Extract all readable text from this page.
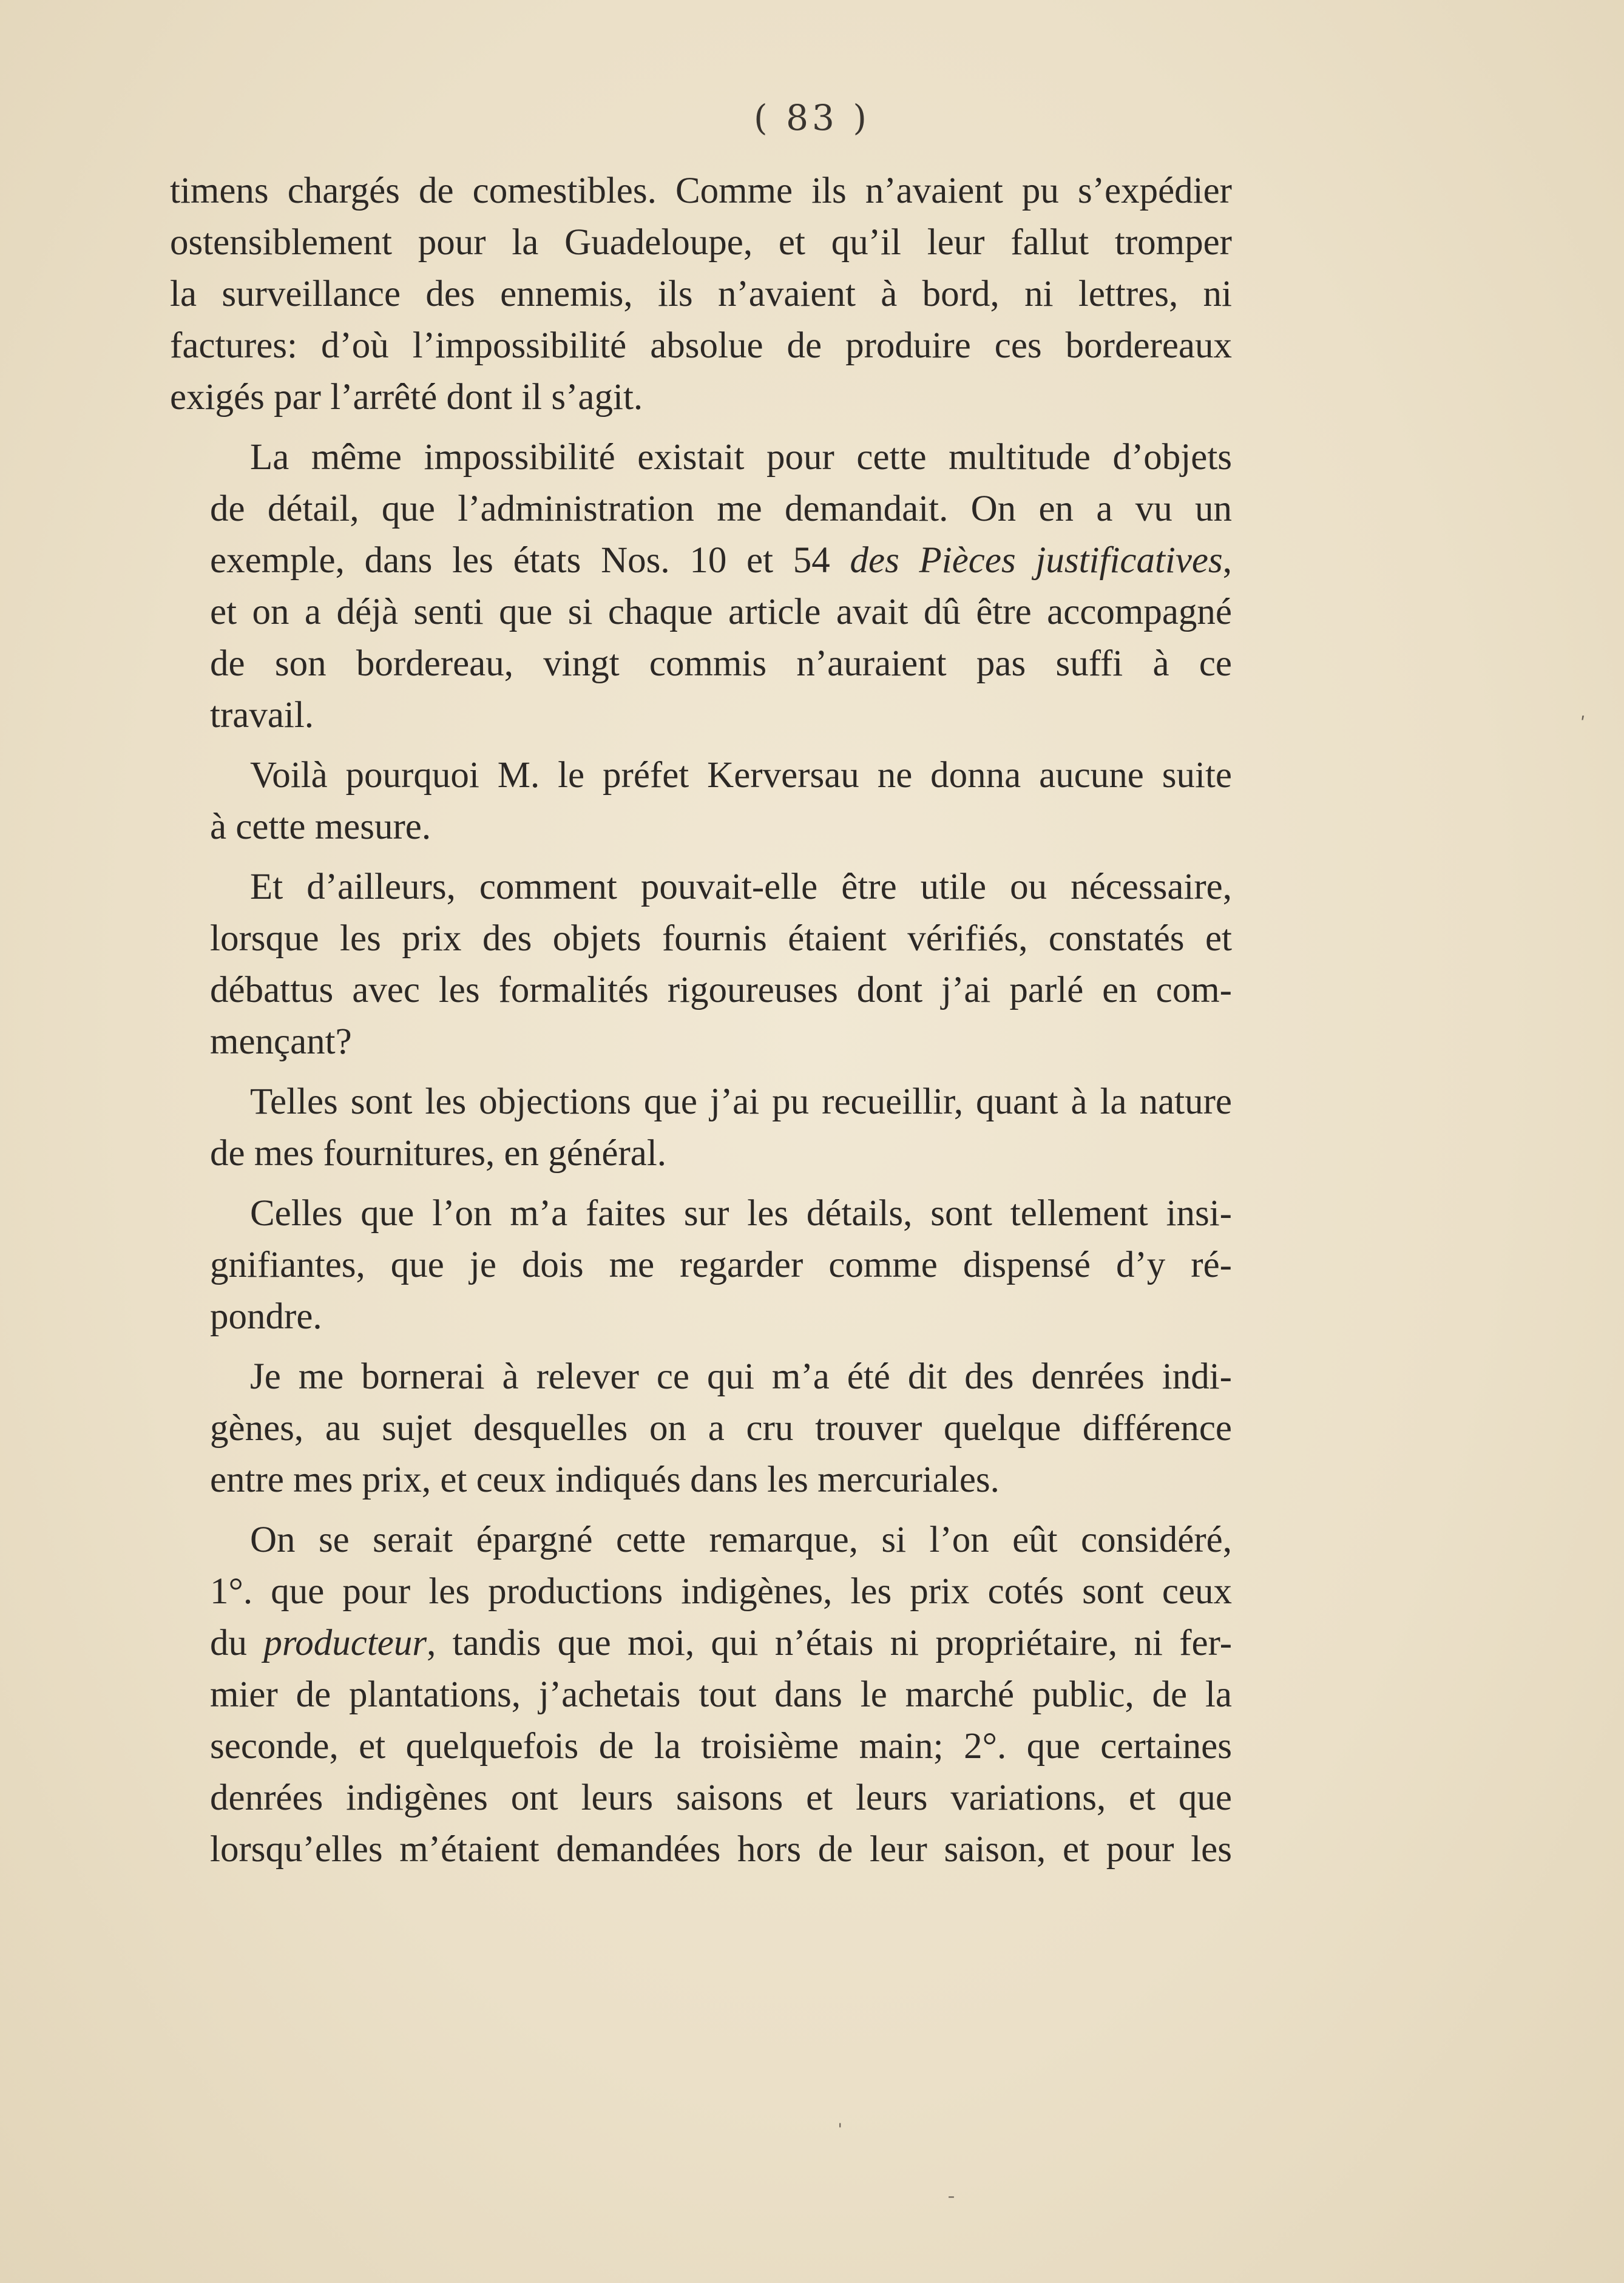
( 83 )

timens chargés de comestibles. Comme ils n’avaient pu s’expédier
ostensiblement pour la Guadeloupe, et qu’il leur fallut tromper
la surveillance des ennemis, ils n’avaient à bord, ni lettres, ni
factures: d’où l’impossibilité absolue de produire ces bordereaux
exigés par l’arrêté dont il s’agit.

La même impossibilité existait pour cette multitude d’objets
de détail, que l’administration me demandait. On en a vu un
exemple, dans les états Nos. 10 et 54 des Pièces justificatives,
et on a déjà senti que si chaque article avait dû être accompagné
de son bordereau, vingt commis n’auraient pas suffi à ce
travail.

Voilà pourquoi M. le préfet Kerversau ne donna aucune suite
à cette mesure.

Et d’ailleurs, comment pouvait-elle être utile ou nécessaire,
lorsque les prix des objets fournis étaient vérifiés, constatés et
débattus avec les formalités rigoureuses dont j’ai parlé en com-
mençant?

Telles sont les objections que j’ai pu recueillir, quant à la nature
de mes fournitures, en général.

Celles que l’on m’a faites sur les détails, sont tellement insi-
gnifiantes, que je dois me regarder comme dispensé d’y ré-
pondre.

Je me bornerai à relever ce qui m’a été dit des denrées indi-
gènes, au sujet desquelles on a cru trouver quelque différence
entre mes prix, et ceux indiqués dans les mercuriales.

On se serait épargné cette remarque, si l’on eût considéré,
1°. que pour les productions indigènes, les prix cotés sont ceux
du producteur, tandis que moi, qui n’étais ni propriétaire, ni fer-
mier de plantations, j’achetais tout dans le marché public, de la
seconde, et quelquefois de la troisième main; 2°. que certaines
denrées indigènes ont leurs saisons et leurs variations, et que
lorsqu’elles m’étaient demandées hors de leur saison, et pour les

ʹ
ˌ
ˍ
